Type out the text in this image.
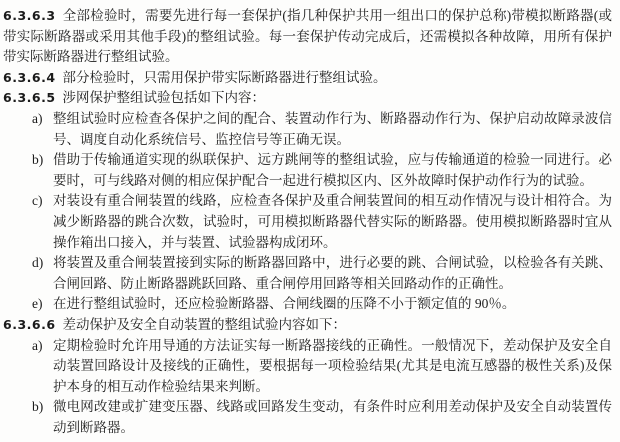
6.3.6.3 全部检验时，需要先进行每一套保护(指几种保护共用一组出口的保护总称)带模拟断路器(或带实际断路器或采用其他手段)的整组试验。每一套保护传动完成后，还需模拟各种故障，用所有保护带实际断路器进行整组试验。

6.3.6.4 部分检验时，只需用保护带实际断路器进行整组试验。

6.3.6.5 涉网保护整组试验包括如下内容：

a) 整组试验时应检查各保护之间的配合、装置动作行为、断路器动作行为、保护启动故障录波信号、调度自动化系统信号、监控信号等正确无误。
b) 借助于传输通道实现的纵联保护、远方跳闸等的整组试验，应与传输通道的检验一同进行。必要时，可与线路对侧的相应保护配合一起进行模拟区内、区外故障时保护动作行为的试验。
c) 对装设有重合闸装置的线路，应检查各保护及重合闸装置间的相互动作情况与设计相符合。为减少断路器的跳合次数，试验时，可用模拟断路器代替实际的断路器。使用模拟断路器时宜从操作箱出口接入，并与装置、试验器构成闭环。
d) 将装置及重合闸装置接到实际的断路器回路中，进行必要的跳、合闸试验，以检验各有关跳、合闸回路、防止断路器跳跃回路、重合闸停用回路等相关回路动作的正确性。
e) 在进行整组试验时，还应检验断路器、合闸线圈的压降不小于额定值的 90％。

6.3.6.6 差动保护及安全自动装置的整组试验内容如下：

a) 定期检验时允许用导通的方法证实每一断路器接线的正确性。一般情况下，差动保护及安全自动装置回路设计及接线的正确性，要根据每一项检验结果(尤其是电流互感器的极性关系)及保护本身的相互动作检验结果来判断。
b) 微电网改建或扩建变压器、线路或回路发生变动，有条件时应利用差动保护及安全自动装置传动到断路器。
